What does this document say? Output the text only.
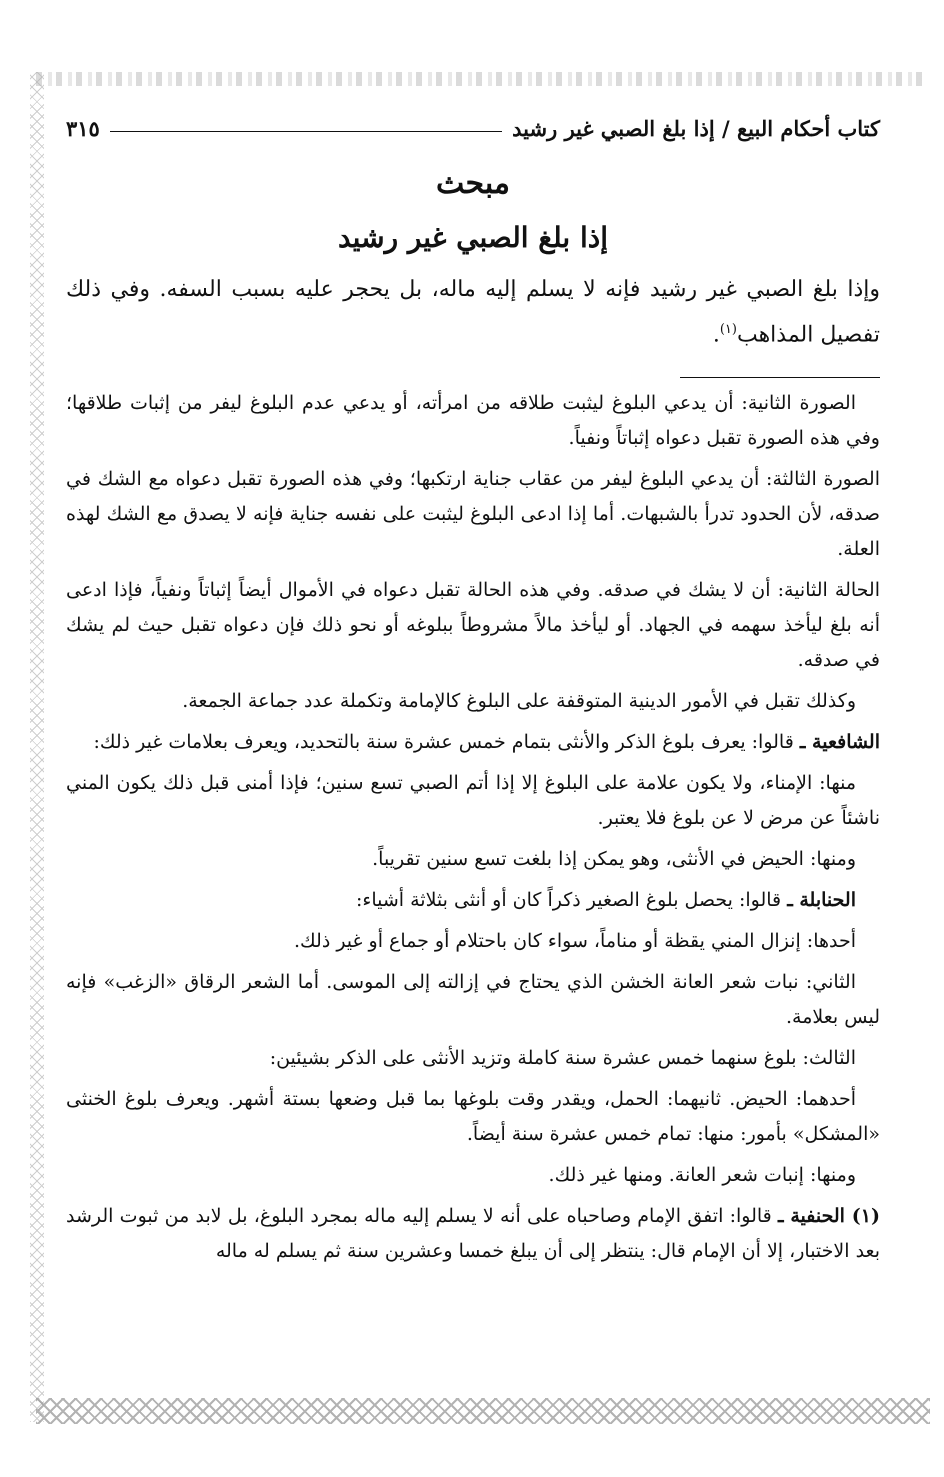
كتاب أحكام البيع / إذا بلغ الصبي غير رشيد
٣١٥
مبحث
إذا بلغ الصبي غير رشيد

وإذا بلغ الصبي غير رشيد فإنه لا يسلم إليه ماله، بل يحجر عليه بسبب السفه. وفي ذلك تفصيل المذاهب$^{(١)}$.

الصورة الثانية: أن يدعي البلوغ ليثبت طلاقه من امرأته، أو يدعي عدم البلوغ ليفر من إثبات طلاقها؛ وفي هذه الصورة تقبل دعواه إثباتاً ونفياً.

الصورة الثالثة: أن يدعي البلوغ ليفر من عقاب جناية ارتكبها؛ وفي هذه الصورة تقبل دعواه مع الشك في صدقه، لأن الحدود تدرأ بالشبهات. أما إذا ادعى البلوغ ليثبت على نفسه جناية فإنه لا يصدق مع الشك لهذه العلة.

الحالة الثانية: أن لا يشك في صدقه. وفي هذه الحالة تقبل دعواه في الأموال أيضاً إثباتاً ونفياً، فإذا ادعى أنه بلغ ليأخذ سهمه في الجهاد. أو ليأخذ مالاً مشروطاً ببلوغه أو نحو ذلك فإن دعواه تقبل حيث لم يشك في صدقه.

وكذلك تقبل في الأمور الدينية المتوقفة على البلوغ كالإمامة وتكملة عدد جماعة الجمعة.

الشافعية ـ قالوا: يعرف بلوغ الذكر والأنثى بتمام خمس عشرة سنة بالتحديد، ويعرف بعلامات غير ذلك:

منها: الإمناء، ولا يكون علامة على البلوغ إلا إذا أتم الصبي تسع سنين؛ فإذا أمنى قبل ذلك يكون المني ناشئاً عن مرض لا عن بلوغ فلا يعتبر.

ومنها: الحيض في الأنثى، وهو يمكن إذا بلغت تسع سنين تقريباً.

الحنابلة ـ قالوا: يحصل بلوغ الصغير ذكراً كان أو أنثى بثلاثة أشياء:

أحدها: إنزال المني يقظة أو مناماً، سواء كان باحتلام أو جماع أو غير ذلك.

الثاني: نبات شعر العانة الخشن الذي يحتاج في إزالته إلى الموسى. أما الشعر الرقاق «الزغب» فإنه ليس بعلامة.

الثالث: بلوغ سنهما خمس عشرة سنة كاملة وتزيد الأنثى على الذكر بشيئين:

أحدهما: الحيض. ثانيهما: الحمل، ويقدر وقت بلوغها بما قبل وضعها بستة أشهر. ويعرف بلوغ الخنثى «المشكل» بأمور: منها: تمام خمس عشرة سنة أيضاً.

ومنها: إنبات شعر العانة. ومنها غير ذلك.

(١) الحنفية ـ قالوا: اتفق الإمام وصاحباه على أنه لا يسلم إليه ماله بمجرد البلوغ، بل لابد من ثبوت الرشد بعد الاختبار، إلا أن الإمام قال: ينتظر إلى أن يبلغ خمسا وعشرين سنة ثم يسلم له ماله
